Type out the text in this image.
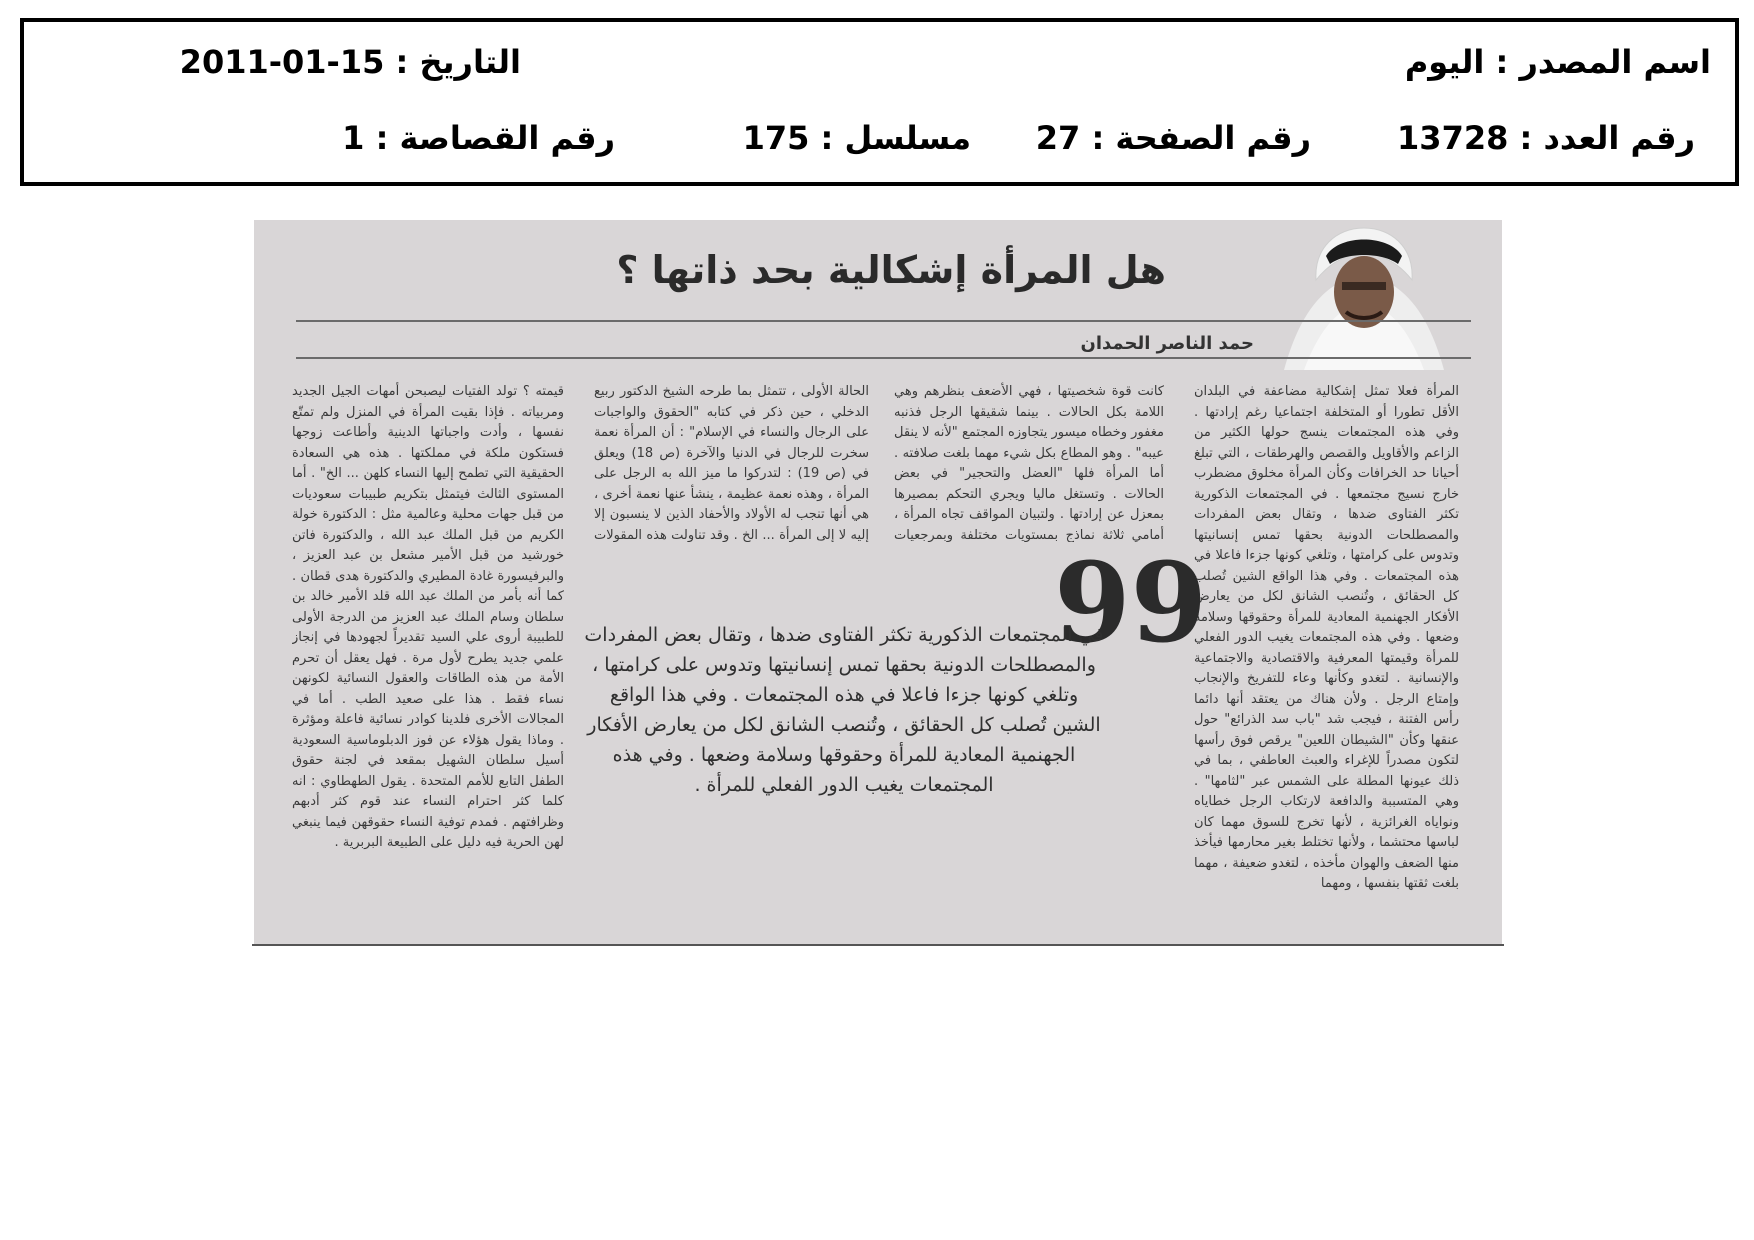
اسم المصدر : اليوم
التاريخ : 15-01-2011
رقم العدد : 13728
رقم الصفحة : 27
مسلسل : 175
رقم القصاصة : 1
هل المرأة إشكالية بحد ذاتها ؟
حمد الناصر الحمدان
المرأة فعلا تمثل إشكالية مضاعفة في البلدان الأقل تطورا أو المتخلفة اجتماعيا رغم إرادتها . وفي هذه المجتمعات ينسج حولها الكثير من الزاعم والأقاويل والقصص والهرطقات ، التي تبلغ أحيانا حد الخرافات وكأن المرأة مخلوق مضطرب خارج نسيج مجتمعها . في المجتمعات الذكورية تكثر الفتاوى ضدها ، وتقال بعض المفردات والمصطلحات الدونية بحقها تمس إنسانيتها وتدوس على كرامتها ، وتلغي كونها جزءا فاعلا في هذه المجتمعات . وفي هذا الواقع الشين تُصلب كل الحقائق ، وتُنصب الشانق لكل من يعارض الأفكار الجهنمية المعادية للمرأة وحقوقها وسلامة وضعها . وفي هذه المجتمعات يغيب الدور الفعلي للمرأة وقيمتها المعرفية والاقتصادية والاجتماعية والإنسانية . لتغدو وكأنها وعاء للتفريخ والإنجاب وإمتاع الرجل . ولأن هناك من يعتقد أنها دائما رأس الفتنة ، فيجب شد "باب سد الذرائع" حول عنقها وكأن "الشيطان اللعين" يرقص فوق رأسها لتكون مصدراً للإغراء والعبث العاطفي ، بما في ذلك عيونها المطلة على الشمس عبر "لثامها" . وهي المتسببة والدافعة لارتكاب الرجل خطاياه ونواياه الغرائزية ، لأنها تخرج للسوق مهما كان لباسها محتشما ، ولأنها تختلط بغير محارمها فيأخذ منها الضعف والهوان مأخذه ، لتغدو ضعيفة ، مهما بلغت ثقتها بنفسها ، ومهما
كانت قوة شخصيتها ، فهي الأضعف بنظرهم وهي اللامة بكل الحالات . بينما شقيقها الرجل فذنبه مغفور وخطاه ميسور يتجاوزه المجتمع "لأنه لا ينقل عيبه" . وهو المطاع بكل شيء مهما بلغت صلافته . أما المرأة فلها "العضل والتحجير" في بعض الحالات . وتستغل ماليا ويجري التحكم بمصيرها بمعزل عن إرادتها . ولتبيان المواقف تجاه المرأة ، أمامي ثلاثة نماذج بمستويات مختلفة وبمرجعيات
الحالة الأولى ، تتمثل بما طرحه الشيخ الدكتور ربيع الدخلي ، حين ذكر في كتابه "الحقوق والواجبات على الرجال والنساء في الإسلام" : أن المرأة نعمة سخرت للرجال في الدنيا والآخرة (ص 18) ويعلق في (ص 19) : لتدركوا ما ميز الله به الرجل على المرأة ، وهذه نعمة عظيمة ، ينشأ عنها نعمة أخرى ، هي أنها تنجب له الأولاد والأحفاد الذين لا ينسبون إلا إليه لا إلى المرأة ... الخ . وقد تناولت هذه المقولات
قيمته ؟ تولد الفتيات ليصبحن أمهات الجيل الجديد ومربياته . فإذا بقيت المرأة في المنزل ولم تمتّع نفسها ، وأدت واجباتها الدينية وأطاعت زوجها فستكون ملكة في مملكتها . هذه هي السعادة الحقيقية التي تطمح إليها النساء كلهن ... الخ" . أما المستوى الثالث فيتمثل بتكريم طبيبات سعوديات من قبل جهات محلية وعالمية مثل : الدكتورة خولة الكريم من قبل الملك عبد الله ، والدكتورة فاتن خورشيد من قبل الأمير مشعل بن عبد العزيز ، والبرفيسورة غادة المطيري والدكتورة هدى قطان . كما أنه بأمر من الملك عبد الله قلد الأمير خالد بن سلطان وسام الملك عبد العزيز من الدرجة الأولى للطبيبة أروى علي السيد تقديراً لجهودها في إنجاز علمي جديد يطرح لأول مرة . فهل يعقل أن تحرم الأمة من هذه الطاقات والعقول النسائية لكونهن نساء فقط . هذا على صعيد الطب . أما في المجالات الأخرى فلدينا كوادر نسائية فاعلة ومؤثرة . وماذا يقول هؤلاء عن فوز الدبلوماسية السعودية أسيل سلطان الشهيل بمقعد في لجنة حقوق الطفل التابع للأمم المتحدة . يقول الطهطاوي : انه كلما كثر احترام النساء عند قوم كثر أدبهم وظرافتهم . فمدم توفية النساء حقوقهن فيما ينبغي لهن الحرية فيه دليل على الطبيعة البربرية .
99
في المجتمعات الذكورية تكثر الفتاوى ضدها ، وتقال بعض المفردات والمصطلحات الدونية بحقها تمس إنسانيتها وتدوس على كرامتها ، وتلغي كونها جزءا فاعلا في هذه المجتمعات . وفي هذا الواقع الشين تُصلب كل الحقائق ، وتُنصب الشانق لكل من يعارض الأفكار الجهنمية المعادية للمرأة وحقوقها وسلامة وضعها . وفي هذه المجتمعات يغيب الدور الفعلي للمرأة .
